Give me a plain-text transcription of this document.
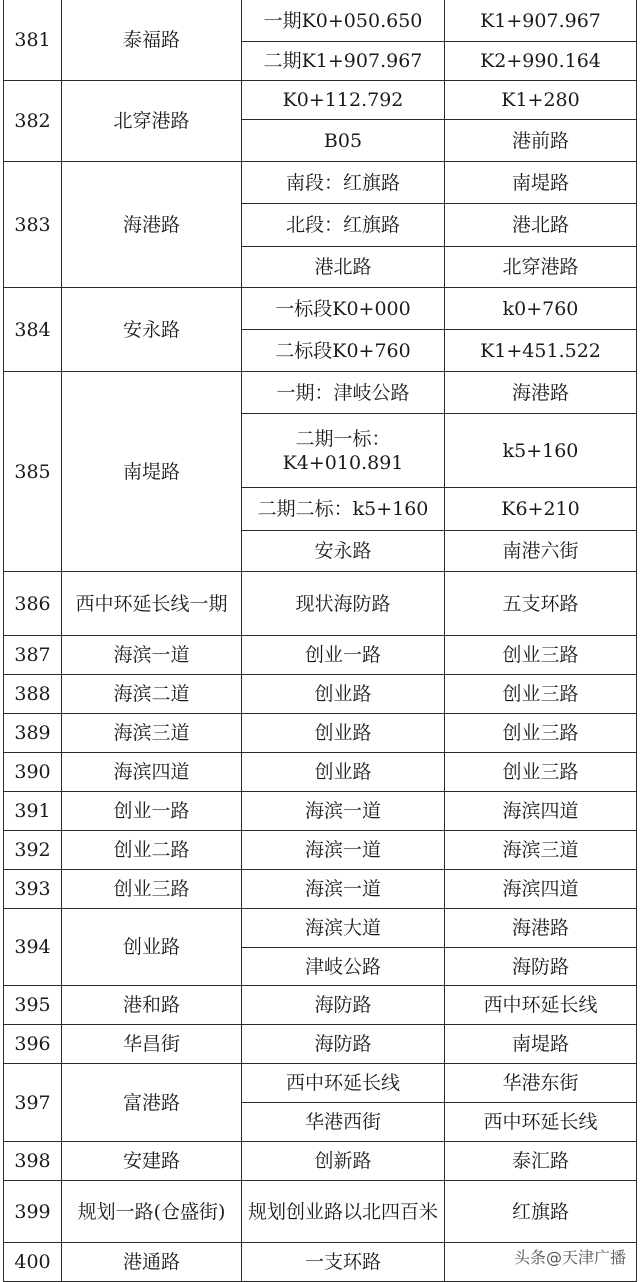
381	泰福路	一期K0+050.650	K1+907.967
		二期K1+907.967	K2+990.164
382	北穿港路	K0+112.792	K1+280
		B05	港前路
383	海港路	南段：红旗路	南堤路
		北段：红旗路	港北路
		港北路	北穿港路
384	安永路	一标段K0+000	k0+760
		二标段K0+760	K1+451.522
385	南堤路	一期：津岐公路	海港路
		二期一标：K4+010.891	k5+160
		二期二标：k5+160	K6+210
		安永路	南港六街
386	西中环延长线一期	现状海防路	五支环路
387	海滨一道	创业一路	创业三路
388	海滨二道	创业路	创业三路
389	海滨三道	创业路	创业三路
390	海滨四道	创业路	创业三路
391	创业一路	海滨一道	海滨四道
392	创业二路	海滨一道	海滨三道
393	创业三路	海滨一道	海滨四道
394	创业路	海滨大道	海港路
		津岐公路	海防路
395	港和路	海防路	西中环延长线
396	华昌街	海防路	南堤路
397	富港路	西中环延长线	华港东街
		华港西街	西中环延长线
398	安建路	创新路	泰汇路
399	规划一路(仓盛街)	规划创业路以北四百米	红旗路
400	港通路	一支环路		头条@天津广播
